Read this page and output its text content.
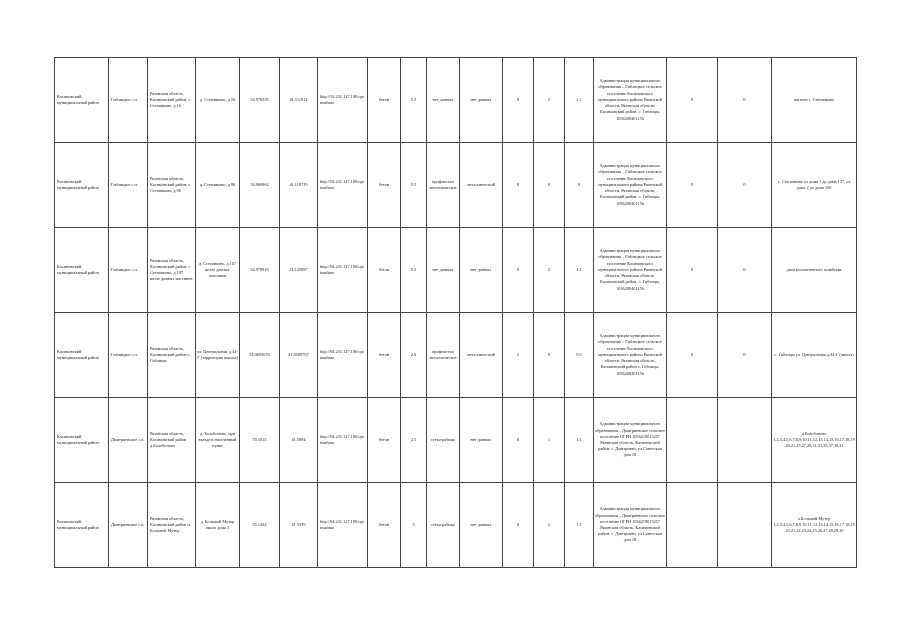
Касимовский муниципальный район	Гиблицкое с.п.	Рязанская область, Касимовский район, с. Степанково, д.16	д. Степанково, д.16	54.976335	41.111912	http://94.231.127.100/opt imahmo	бетон	5.5	нет данных	нет данных	0	2	1.1	Администрация муниципального образования – Гиблицкое сельское поселение Касимовского муниципального района Рязанской области, Рязанская область, Касимовский район, с. Гиблицы, 1056208401156	0	0	жители с. Степанково
Касимовский муниципальный район	Гиблицкое с.п.	Рязанская область, Касимовский район, с. Степанково, д.96	д. Степанково, д.96	54.969962	41.118719	http://94.231.127.100/opt imahmo	бетон	5.5	профнастил металлическое	металлический	0	0	0	Администрация муниципального образования – Гиблицкое сельское поселение Касимовского муниципального района Рязанской области, Рязанская область, Касимовский район, с. Гиблицы, 1056208401156	0	0	с. Степанково от дома 1 до дома 137, от дома 2 до дома 100
Касимовский муниципальный район	Гиблицкое с.п.	Рязанская область, Касимовский район, с. Степанково, д.107 возле дачных массивов	д. Степанково, д.107 возле дачных массивов	54.978919	41.125887	http://94.231.127.100/opt imahmo	бетон	5.5	нет данных	нет данных	0	2	1.1	Администрация муниципального образования – Гиблицкое сельское поселение Касимовского муниципального района Рязанской области, Рязанская область, Касимовский район, с. Гиблицы, 1056208401156	0	0	дачи коллективного хозяйства
Касимовский муниципальный район	Гиблицкое с.п.	Рязанская область, Касимовский район с. Гиблицы	ул. Центральная, д.44-Г (территория школы)	54.9695676	41.0509767	http://94.231.127.100/opt imahmo	бетон	2.6	профнастил металлическое	металлический	1	0	0.5	Администрация муниципального образования – Гиблицкое сельское поселение Касимовского муниципального района Рязанской области, Рязанская область, Касимовский район с. Гиблицы, 1056208401156	0	0	с. Гиблицы ул. Центральная д.44-Г (школа)
Касимовский муниципальный район	Дмитриевское с.п.	Рязанская область, Касимовский район д.Болобоново	д. Болобоново, при въезде в населенный пункт	55.1015	41.5894	http://94.231.127.100/opt imahmo	бетон	2.5	сетка-рабица	нет данных	0	1	1.1	Администрация муниципального образования – Дмитриевское сельское поселение ОГРН 1056219015257 Рязанская область, Касимовский район, с. Дмитриево, ул.Советская дом 18			д.Болобоново 1,2,3,4,5,6,7,8,9,10,11,12,13,14,15,16,17,18,19,20,21,25,27,29,31,33,35,37,39,41
Касимовский муниципальный район	Дмитриевское с.п.	Рязанская область, Касимовский район п. Большой Мутор	д. Большой Мутор около дома 5	55.1432	41.5339	http://94.231.127.100/opt imahmo	бетон	5	сетка-рабица	нет данных	0	2	1.1	Администрация муниципального образования – Дмитриевское сельское поселение ОГРН 1056219015257 Рязанская область, Касимовский район, с. Дмитриево, ул.Советская дом 18			п.Большой Мутор 1,2,3,4,5,6,7,8,9,10,11,12,13,14,15,16,17,18,19,20,21,22,23,24,25,26,27,28,29,30
